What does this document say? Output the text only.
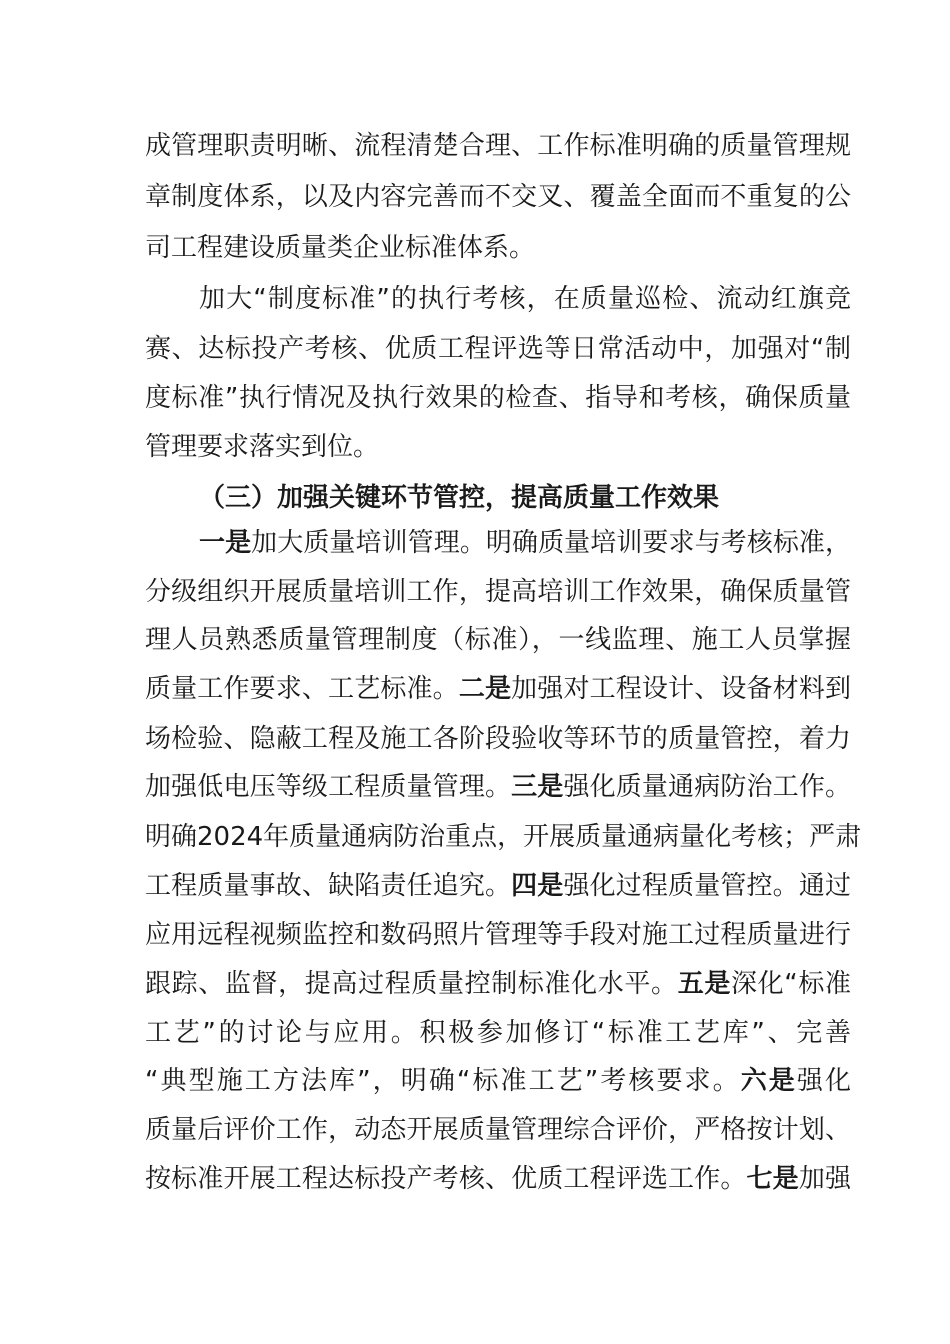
成管理职责明晰、流程清楚合理、工作标准明确的质量管理规
章制度体系，以及内容完善而不交叉、覆盖全面而不重复的公
司工程建设质量类企业标准体系。
加大“制度标准”的执行考核，在质量巡检、流动红旗竞
赛、达标投产考核、优质工程评选等日常活动中，加强对“制
度标准”执行情况及执行效果的检查、指导和考核，确保质量
管理要求落实到位。
（三）加强关键环节管控，提高质量工作效果
一是加大质量培训管理。明确质量培训要求与考核标准，
分级组织开展质量培训工作，提高培训工作效果，确保质量管
理人员熟悉质量管理制度（标准），一线监理、施工人员掌握
质量工作要求、工艺标准。二是加强对工程设计、设备材料到
场检验、隐蔽工程及施工各阶段验收等环节的质量管控，着力
加强低电压等级工程质量管理。三是强化质量通病防治工作。
明确2024年质量通病防治重点，开展质量通病量化考核；严肃
工程质量事故、缺陷责任追究。四是强化过程质量管控。通过
应用远程视频监控和数码照片管理等手段对施工过程质量进行
跟踪、监督，提高过程质量控制标准化水平。五是深化“标准
工艺”的讨论与应用。积极参加修订“标准工艺库”、完善
“典型施工方法库”，明确“标准工艺”考核要求。六是强化
质量后评价工作，动态开展质量管理综合评价，严格按计划、
按标准开展工程达标投产考核、优质工程评选工作。七是加强
